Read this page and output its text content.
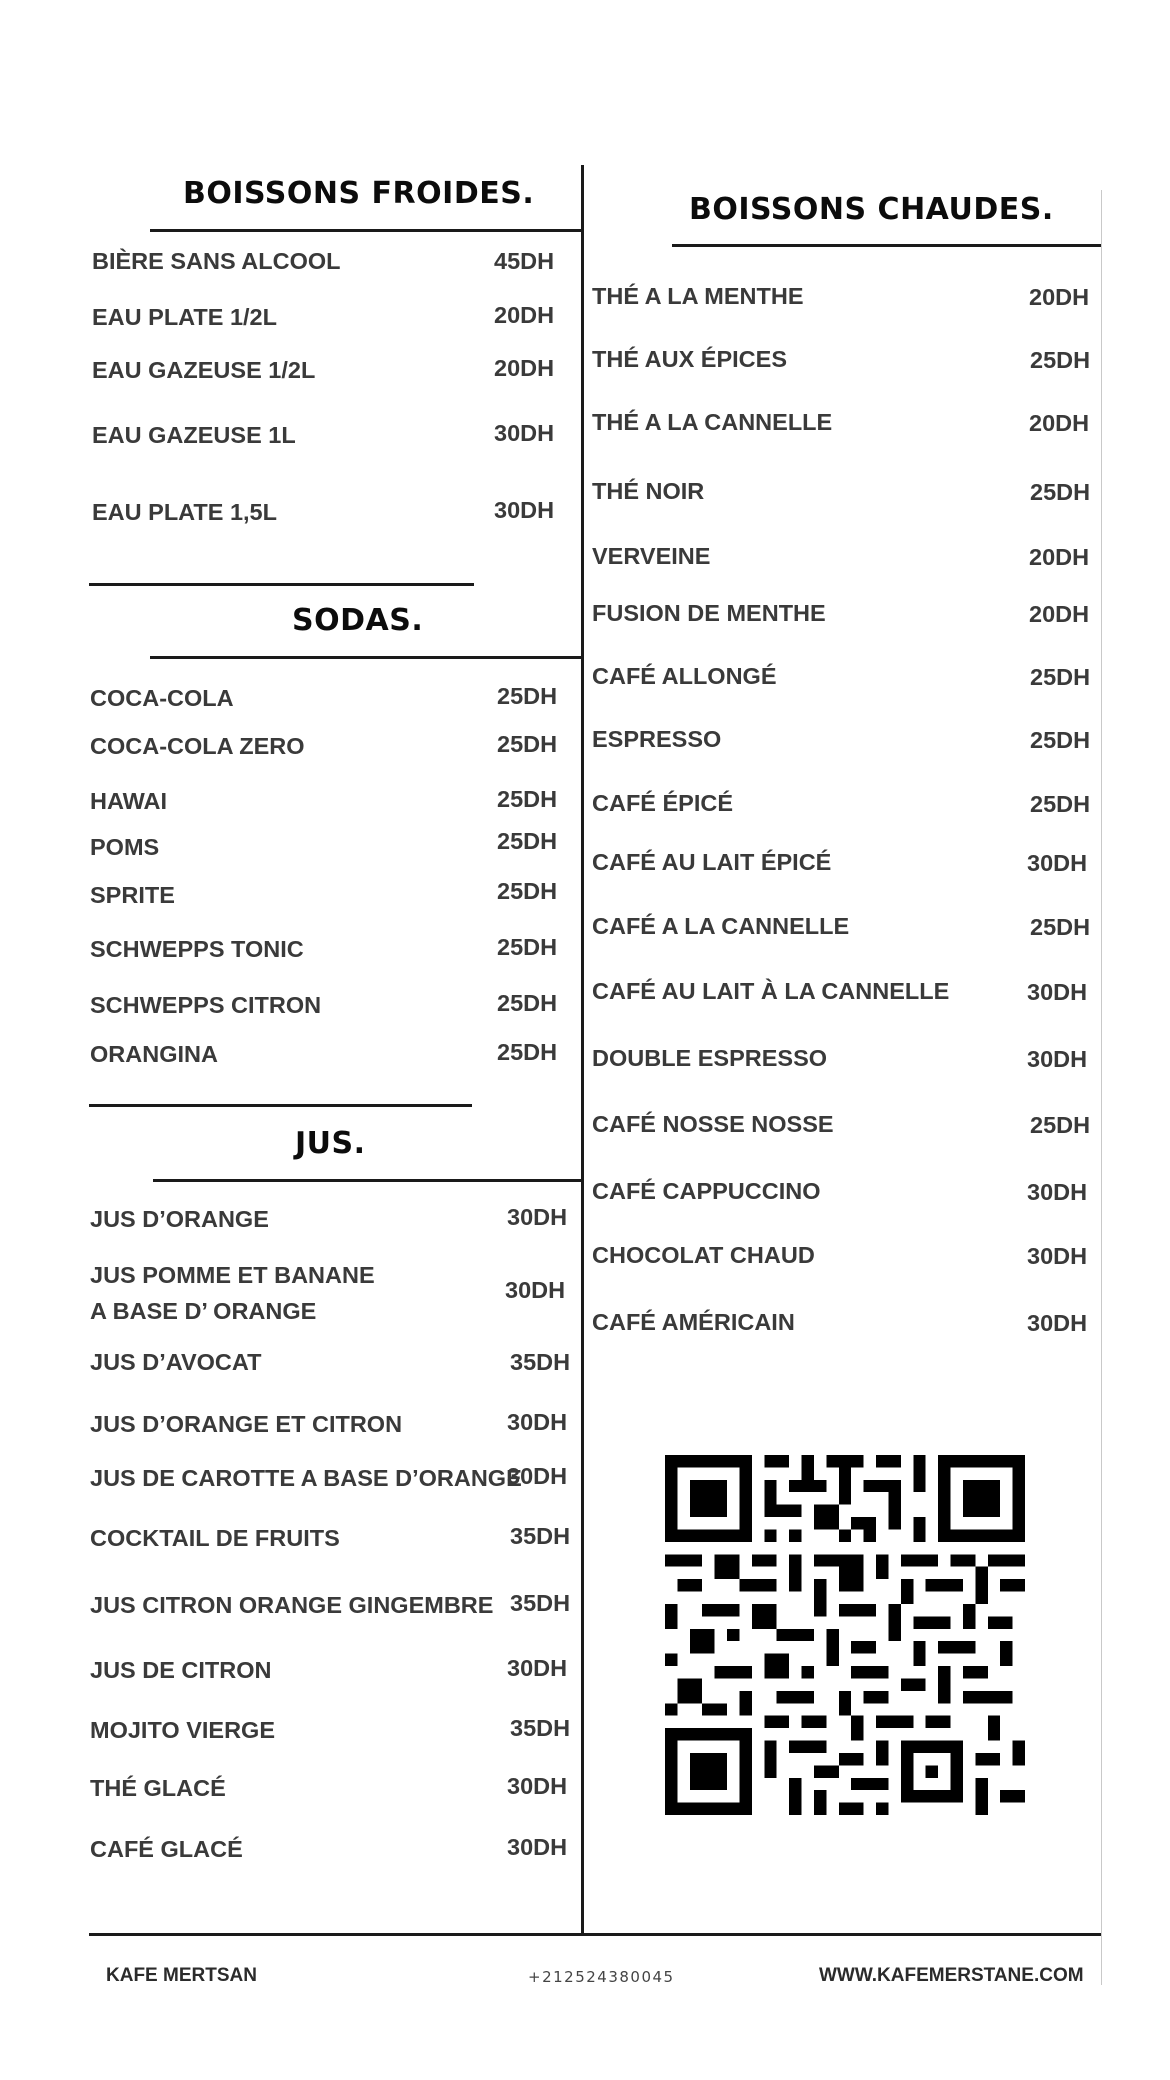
BOISSONS FROIDES.
BIÈRE SANS ALCOOL	45DH
EAU PLATE 1/2L	20DH
EAU GAZEUSE 1/2L	20DH
EAU GAZEUSE 1L	30DH
EAU PLATE 1,5L	30DH
SODAS.
COCA-COLA	25DH
COCA-COLA ZERO	25DH
HAWAI	25DH
POMS	25DH
SPRITE	25DH
SCHWEPPS TONIC	25DH
SCHWEPPS CITRON	25DH
ORANGINA	25DH
JUS.
JUS D’ORANGE	30DH
JUS POMME ET BANANE
A BASE D’ ORANGE
30DH
JUS D’AVOCAT	35DH
JUS D’ORANGE ET CITRON	30DH
JUS DE CAROTTE A BASE D’ORANGE
30DH
COCKTAIL DE FRUITS	35DH
JUS CITRON ORANGE GINGEMBRE 35DH
JUS DE CITRON	30DH
MOJITO VIERGE	35DH
THÉ GLACÉ	30DH
CAFÉ GLACÉ	30DH
BOISSONS CHAUDES.
THÉ A LA MENTHE	20DH
THÉ AUX ÉPICES	25DH
THÉ A LA CANNELLE	20DH
THÉ NOIR	25DH
VERVEINE	20DH
FUSION DE MENTHE	20DH
CAFÉ ALLONGÉ	25DH
ESPRESSO	25DH
CAFÉ ÉPICÉ	25DH
CAFÉ AU LAIT ÉPICÉ	30DH
CAFÉ A LA CANNELLE	25DH
CAFÉ AU LAIT À LA CANNELLE	30DH
DOUBLE ESPRESSO	30DH
CAFÉ NOSSE NOSSE	25DH
CAFÉ CAPPUCCINO	30DH
CHOCOLAT CHAUD	30DH
CAFÉ AMÉRICAIN	30DH
KAFE MERTSAN	+212524380045	WWW.KAFEMERSTANE.COM
